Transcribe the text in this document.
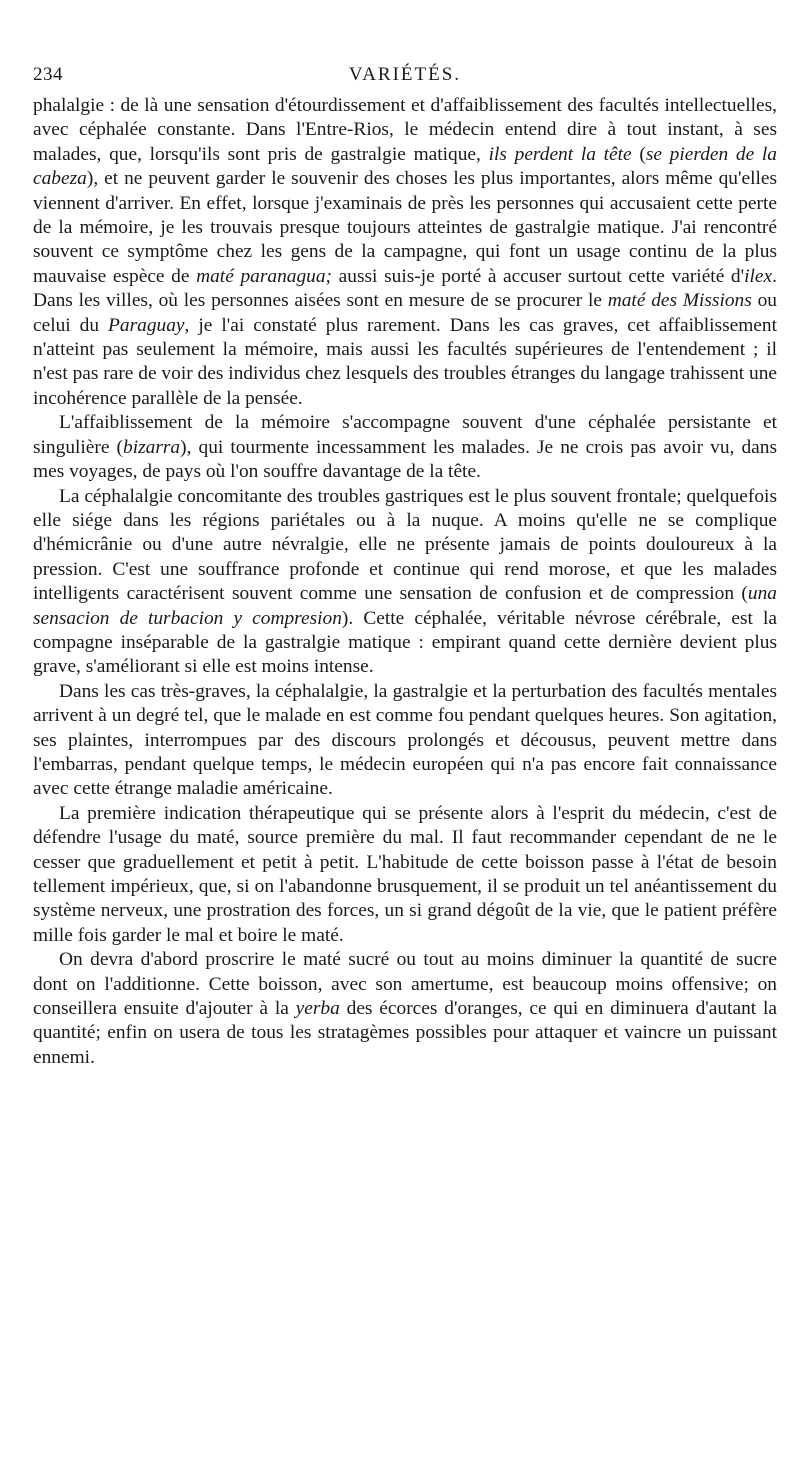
234	VARIÉTÉS.

phalalgie : de là une sensation d'étourdissement et d'affaiblissement des facultés intellectuelles, avec céphalée constante. Dans l'Entre-Rios, le médecin entend dire à tout instant, à ses malades, que, lorsqu'ils sont pris de gastralgie matique, ils perdent la tête (se pierden de la cabeza), et ne peuvent garder le souvenir des choses les plus importantes, alors même qu'elles viennent d'arriver. En effet, lorsque j'examinais de près les personnes qui accusaient cette perte de la mémoire, je les trouvais presque toujours atteintes de gastralgie matique. J'ai rencontré souvent ce symptôme chez les gens de la campagne, qui font un usage continu de la plus mauvaise espèce de maté paranagua; aussi suis-je porté à accuser surtout cette variété d'ilex. Dans les villes, où les personnes aisées sont en mesure de se procurer le maté des Missions ou celui du Paraguay, je l'ai constaté plus rarement. Dans les cas graves, cet affaiblissement n'atteint pas seulement la mémoire, mais aussi les facultés supérieures de l'entendement ; il n'est pas rare de voir des individus chez lesquels des troubles étranges du langage trahissent une incohérence parallèle de la pensée.

L'affaiblissement de la mémoire s'accompagne souvent d'une céphalée persistante et singulière (bizarra), qui tourmente incessamment les malades. Je ne crois pas avoir vu, dans mes voyages, de pays où l'on souffre davantage de la tête.

La céphalalgie concomitante des troubles gastriques est le plus souvent frontale; quelquefois elle siége dans les régions pariétales ou à la nuque. A moins qu'elle ne se complique d'hémicrânie ou d'une autre névralgie, elle ne présente jamais de points douloureux à la pression. C'est une souffrance profonde et continue qui rend morose, et que les malades intelligents caractérisent souvent comme une sensation de confusion et de compression (una sensacion de turbacion y compresion). Cette céphalée, véritable névrose cérébrale, est la compagne inséparable de la gastralgie matique : empirant quand cette dernière devient plus grave, s'améliorant si elle est moins intense.

Dans les cas très-graves, la céphalalgie, la gastralgie et la perturbation des facultés mentales arrivent à un degré tel, que le malade en est comme fou pendant quelques heures. Son agitation, ses plaintes, interrompues par des discours prolongés et décousus, peuvent mettre dans l'embarras, pendant quelque temps, le médecin européen qui n'a pas encore fait connaissance avec cette étrange maladie américaine.

La première indication thérapeutique qui se présente alors à l'esprit du médecin, c'est de défendre l'usage du maté, source première du mal. Il faut recommander cependant de ne le cesser que graduellement et petit à petit. L'habitude de cette boisson passe à l'état de besoin tellement impérieux, que, si on l'abandonne brusquement, il se produit un tel anéantissement du système nerveux, une prostration des forces, un si grand dégoût de la vie, que le patient préfère mille fois garder le mal et boire le maté.

On devra d'abord proscrire le maté sucré ou tout au moins diminuer la quantité de sucre dont on l'additionne. Cette boisson, avec son amertume, est beaucoup moins offensive; on conseillera ensuite d'ajouter à la yerba des écorces d'oranges, ce qui en diminuera d'autant la quantité; enfin on usera de tous les stratagèmes possibles pour attaquer et vaincre un puissant ennemi.
